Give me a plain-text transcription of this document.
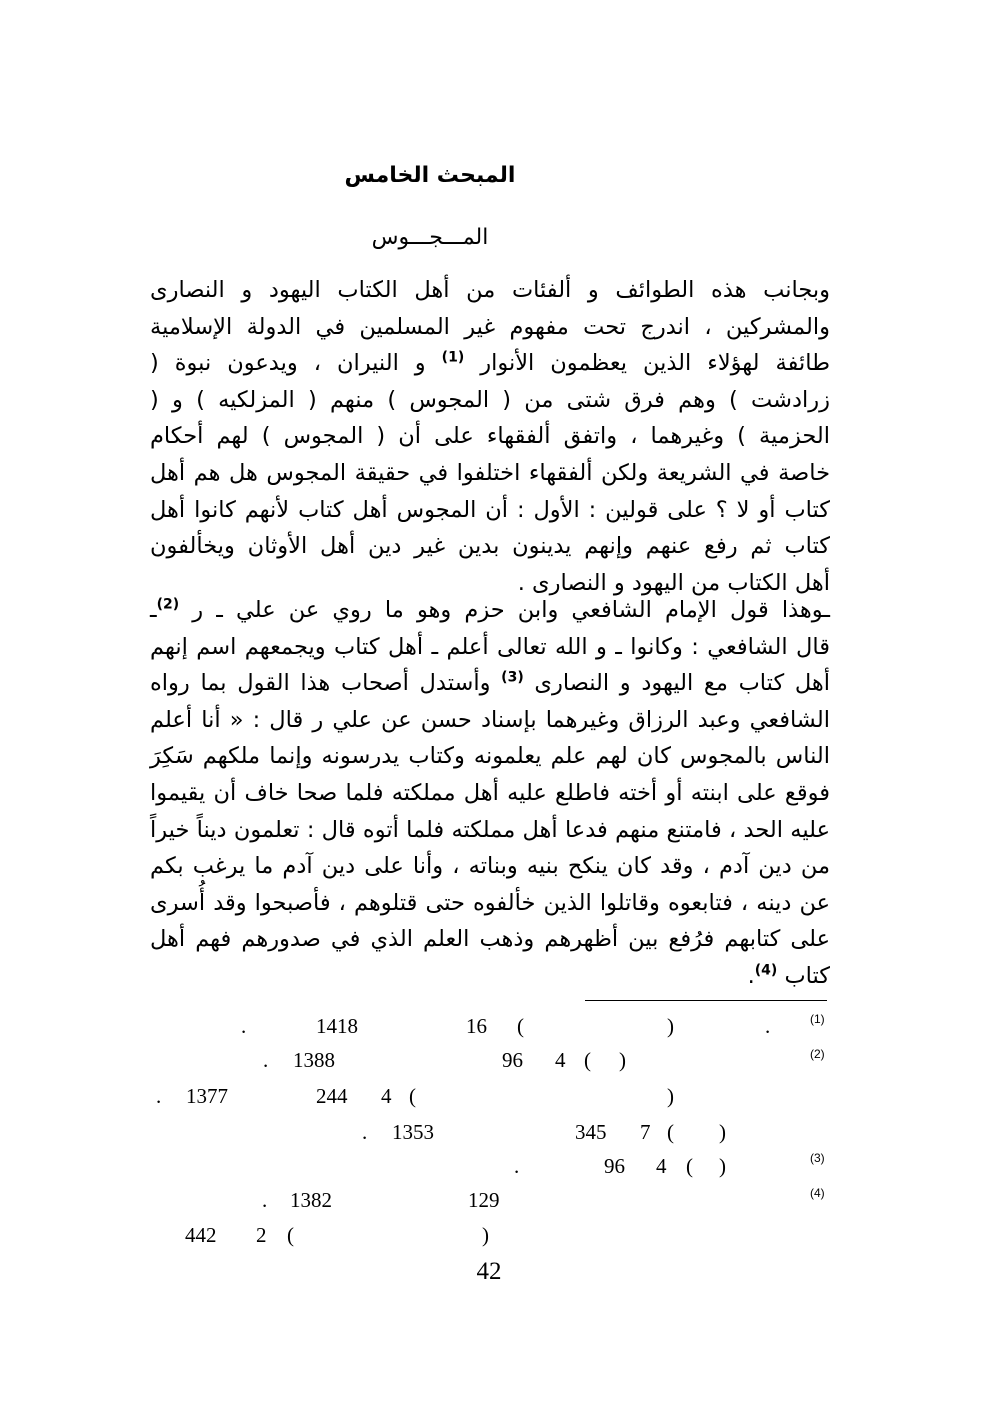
المبحث الخامس
المـــجـــوس
وبجانب هذه الطوائف و ألفئات من أهل الكتاب اليهود و النصارى
والمشركين ، اندرج تحت مفهوم غير المسلمين في الدولة الإسلامية
طائفة لهؤلاء الذين يعظمون الأنوار $^{(1)}$ و النيران ، ويدعون نبوة (
زرادشت ) وهم فرق شتى من ( المجوس ) منهم ( المزلكيه ) و (
الحزمية ) وغيرهما ، واتفق ألفقهاء على أن ( المجوس ) لهم أحكام
خاصة في الشريعة ولكن ألفقهاء اختلفوا في حقيقة المجوس هل هم أهل
كتاب أو لا ؟ على قولين : الأول : أن المجوس أهل كتاب لأنهم كانوا أهل
كتاب ثم رفع عنهم وإنهم يدينون بدين غير دين أهل الأوثان ويخألفون
أهل الكتاب من اليهود و النصارى .
ـوهذا قول الإمام الشافعي وابن حزم وهو ما روي عن علي ـ ر $^{(2)}$ـ
قال الشافعي : وكانوا ـ و الله تعالى أعلم ـ أهل كتاب ويجمعهم اسم إنهم
أهل كتاب مع اليهود و النصارى $^{(3)}$ وأستدل أصحاب هذا القول بما رواه
الشافعي وعبد الرزاق وغيرهما بإسناد حسن عن علي ر قال : « أنا أعلم
الناس بالمجوس كان لهم علم يعلمونه وكتاب يدرسونه وإنما ملكهم سَكِرَ
فوقع على ابنته أو أخته فاطلع عليه أهل مملكته فلما صحا خاف أن يقيموا
عليه الحد ، فامتنع منهم فدعا أهل مملكته فلما أتوه قال : تعلمون ديناً خيراً
من دين آدم ، وقد كان ينكح بنيه وبناته ، وأنا على دين آدم ما يرغب بكم
عن دينه ، فتابعوه وقاتلوا الذين خألفوه حتى قتلوهم ، فأصبحوا وقد أُسرى
على كتابهم فرُفع بين أظهرهم وذهب العلم الذي في صدورهم فهم أهل
كتاب $^{(4)}$.
(1)
.
)
(
16
1418
.
(2)
)
(
4
96
1388
.
)
(
4
244
1377
.
)
(
7
345
1353
.
(3)
)
(
4
96
.
(4)
129
1382
.
)
(
2
442
42
